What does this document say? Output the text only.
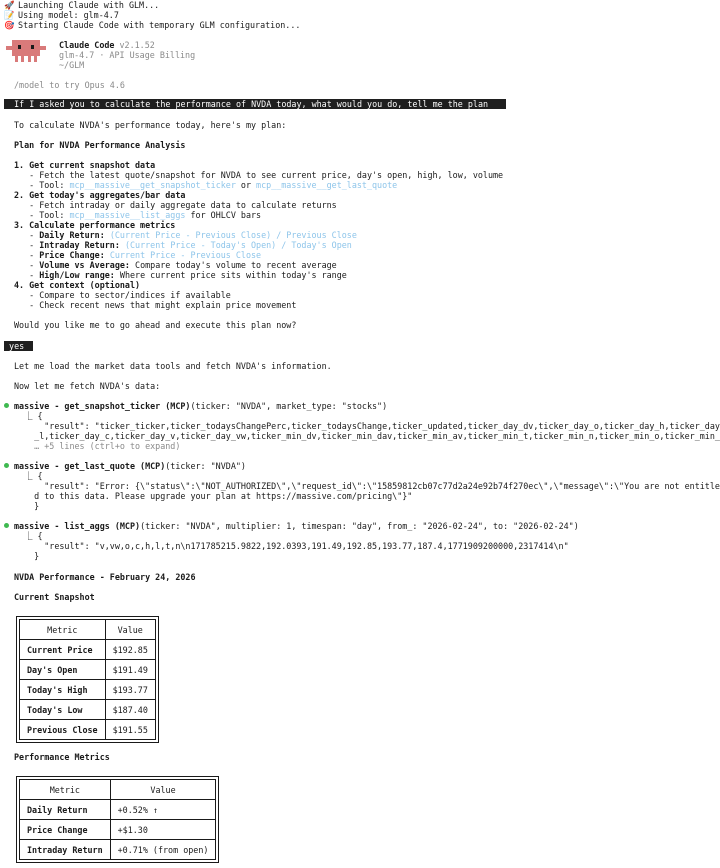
🚀 Launching Claude with GLM...
📝 Using model: glm-4.7
🎯 Starting Claude Code with temporary GLM configuration...
Claude Code v2.1.52
glm-4.7 · API Usage Billing
~/GLM
/model to try Opus 4.6
If I asked you to calculate the performance of NVDA today, what would you do, tell me the plan
To calculate NVDA's performance today, here's my plan:
Plan for NVDA Performance Analysis
1. Get current snapshot data
- Fetch the latest quote/snapshot for NVDA to see current price, day's open, high, low, volume
- Tool: mcp__massive__get_snapshot_ticker or mcp__massive__get_last_quote
2. Get today's aggregates/bar data
- Fetch intraday or daily aggregate data to calculate returns
- Tool: mcp__massive__list_aggs for OHLCV bars
3. Calculate performance metrics
- Daily Return: (Current Price - Previous Close) / Previous Close
- Intraday Return: (Current Price - Today's Open) / Today's Open
- Price Change: Current Price - Previous Close
- Volume vs Average: Compare today's volume to recent average
- High/Low range: Where current price sits within today's range
4. Get context (optional)
- Compare to sector/indices if available
- Check recent news that might explain price movement
Would you like me to go ahead and execute this plan now?
yes
Let me load the market data tools and fetch NVDA's information.
Now let me fetch NVDA's data:
massive - get_snapshot_ticker (MCP)(ticker: "NVDA", market_type: "stocks")
⎿ {
"result": "ticker_ticker,ticker_todaysChangePerc,ticker_todaysChange,ticker_updated,ticker_day_dv,ticker_day_o,ticker_day_h,ticker_day
_l,ticker_day_c,ticker_day_v,ticker_day_vw,ticker_min_dv,ticker_min_dav,ticker_min_av,ticker_min_t,ticker_min_n,ticker_min_o,ticker_min_
… +5 lines (ctrl+o to expand)
massive - get_last_quote (MCP)(ticker: "NVDA")
⎿ {
"result": "Error: {\"status\":\"NOT_AUTHORIZED\",\"request_id\":\"15859812cb07c77d2a24e92b74f270ec\",\"message\":\"You are not entitle
d to this data. Please upgrade your plan at https://massive.com/pricing\"}"
}
massive - list_aggs (MCP)(ticker: "NVDA", multiplier: 1, timespan: "day", from_: "2026-02-24", to: "2026-02-24")
⎿ {
"result": "v,vw,o,c,h,l,t,n\n171785215.9822,192.0393,191.49,192.85,193.77,187.4,1771909200000,2317414\n"
}
NVDA Performance - February 24, 2026
Current Snapshot
Metric	Value
Current Price	$192.85
Day's Open	$191.49
Today's High	$193.77
Today's Low	$187.40
Previous Close	$191.55
Performance Metrics
Metric	Value
Daily Return	+0.52% ↑
Price Change	+$1.30
Intraday Return	+0.71% (from open)
